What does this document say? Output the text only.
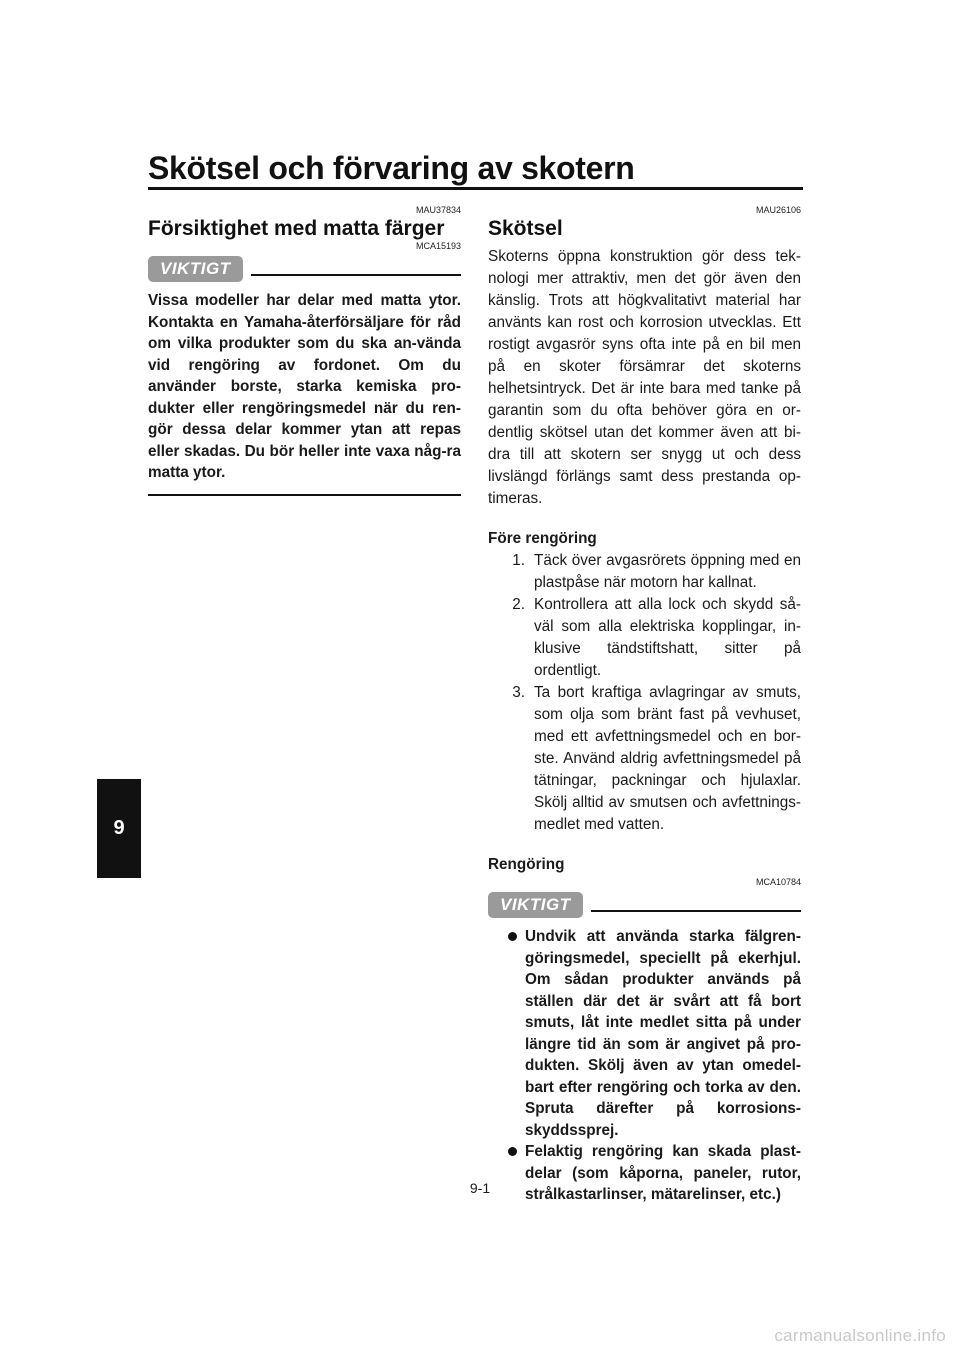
Skötsel och förvaring av skotern
9
MAU37834
Försiktighet med matta färger
MCA15193
VIKTIGT

Vissa modeller har delar med matta ytor. Kontakta en Yamaha-återförsäljare för råd om vilka produkter som du ska an-vända vid rengöring av fordonet. Om du använder borste, starka kemiska pro-dukter eller rengöringsmedel när du ren-gör dessa delar kommer ytan att repas eller skadas. Du bör heller inte vaxa någ-ra matta ytor.

MAU26106
Skötsel

Skoterns öppna konstruktion gör dess tek-nologi mer attraktiv, men det gör även den känslig. Trots att högkvalitativt material har använts kan rost och korrosion utvecklas. Ett rostigt avgasrör syns ofta inte på en bil men på en skoter försämrar det skoterns helhetsintryck. Det är inte bara med tanke på garantin som du ofta behöver göra en or-dentlig skötsel utan det kommer även att bi-dra till att skotern ser snygg ut och dess livslängd förlängs samt dess prestanda op-timeras.

Före rengöring
1. Täck över avgasrörets öppning med en plastpåse när motorn har kallnat.
2. Kontrollera att alla lock och skydd så-väl som alla elektriska kopplingar, in-klusive tändstiftshatt, sitter på ordentligt.
3. Ta bort kraftiga avlagringar av smuts, som olja som bränt fast på vevhuset, med ett avfettningsmedel och en bor-ste. Använd aldrig avfettningsmedel på tätningar, packningar och hjulaxlar. Skölj alltid av smutsen och avfettnings-medlet med vatten.
Rengöring
MCA10784
VIKTIGT
Undvik att använda starka fälgren-göringsmedel, speciellt på ekerhjul. Om sådan produkter används på ställen där det är svårt att få bort smuts, låt inte medlet sitta på under längre tid än som är angivet på pro-dukten. Skölj även av ytan omedel-bart efter rengöring och torka av den. Spruta därefter på korrosions-skyddssprej.
Felaktig rengöring kan skada plast-delar (som kåporna, paneler, rutor, strålkastarlinser, mätarelinser, etc.)
9-1
carmanualsonline.info
